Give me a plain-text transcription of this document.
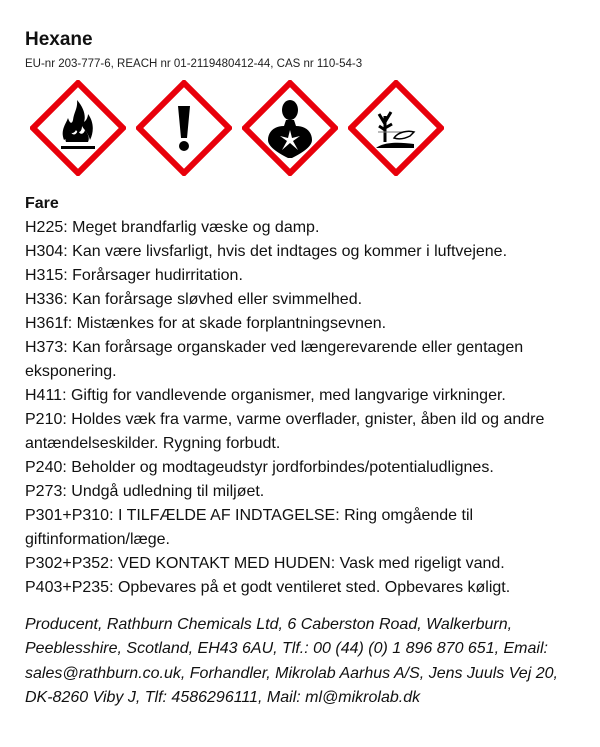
Hexane
EU-nr 203-777-6, REACH nr 01-2119480412-44, CAS nr 110-54-3
Fare
H225: Meget brandfarlig væske og damp.
H304: Kan være livsfarligt, hvis det indtages og kommer i luftvejene.
H315: Forårsager hudirritation.
H336: Kan forårsage sløvhed eller svimmelhed.
H361f: Mistænkes for at skade forplantningsevnen.
H373: Kan forårsage organskader ved længerevarende eller gentagen eksponering.
H411: Giftig for vandlevende organismer, med langvarige virkninger.
P210: Holdes væk fra varme, varme overflader, gnister, åben ild og andre antændelseskilder. Rygning forbudt.
P240: Beholder og modtageudstyr jordforbindes/potentialudlignes.
P273: Undgå udledning til miljøet.
P301+P310: I TILFÆLDE AF INDTAGELSE: Ring omgående til giftinformation/læge.
P302+P352: VED KONTAKT MED HUDEN: Vask med rigeligt vand.
P403+P235: Opbevares på et godt ventileret sted. Opbevares køligt.
Producent, Rathburn Chemicals Ltd, 6 Caberston Road, Walkerburn, Peeblesshire, Scotland, EH43 6AU, Tlf.: 00 (44) (0) 1 896 870 651, Email: sales@rathburn.co.uk, Forhandler, Mikrolab Aarhus A/S, Jens Juuls Vej 20, DK-8260 Viby J, Tlf: 4586296111, Mail: ml@mikrolab.dk
